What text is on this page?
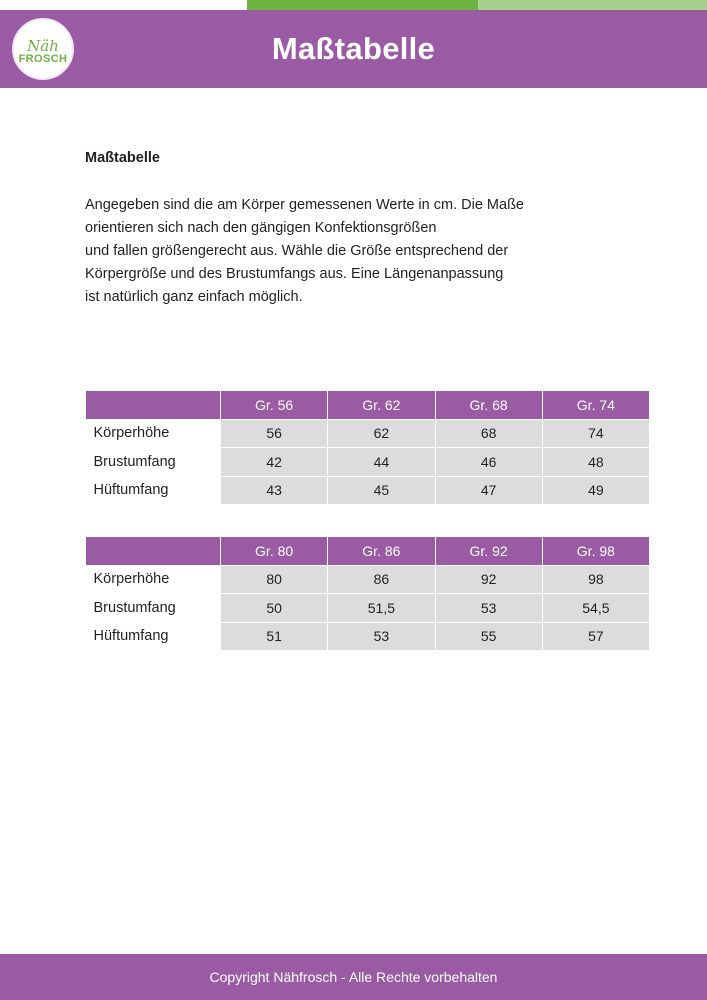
Maßtabelle
Näh
FROSCH
Maßtabelle

Angegeben sind die am Körper gemessenen Werte in cm. Die Maße
orientieren sich nach den gängigen Konfektionsgrößen
und fallen größengerecht aus. Wähle die Größe entsprechend der
Körpergröße und des Brustumfangs aus. Eine Längenanpassung
ist natürlich ganz einfach möglich.

	Gr. 56	Gr. 62	Gr. 68	Gr. 74
Körperhöhe	56	62	68	74
Brustumfang	42	44	46	48
Hüftumfang	43	45	47	49
	Gr. 80	Gr. 86	Gr. 92	Gr. 98
Körperhöhe	80	86	92	98
Brustumfang	50	51,5	53	54,5
Hüftumfang	51	53	55	57
Copyright Nähfrosch - Alle Rechte vorbehalten
